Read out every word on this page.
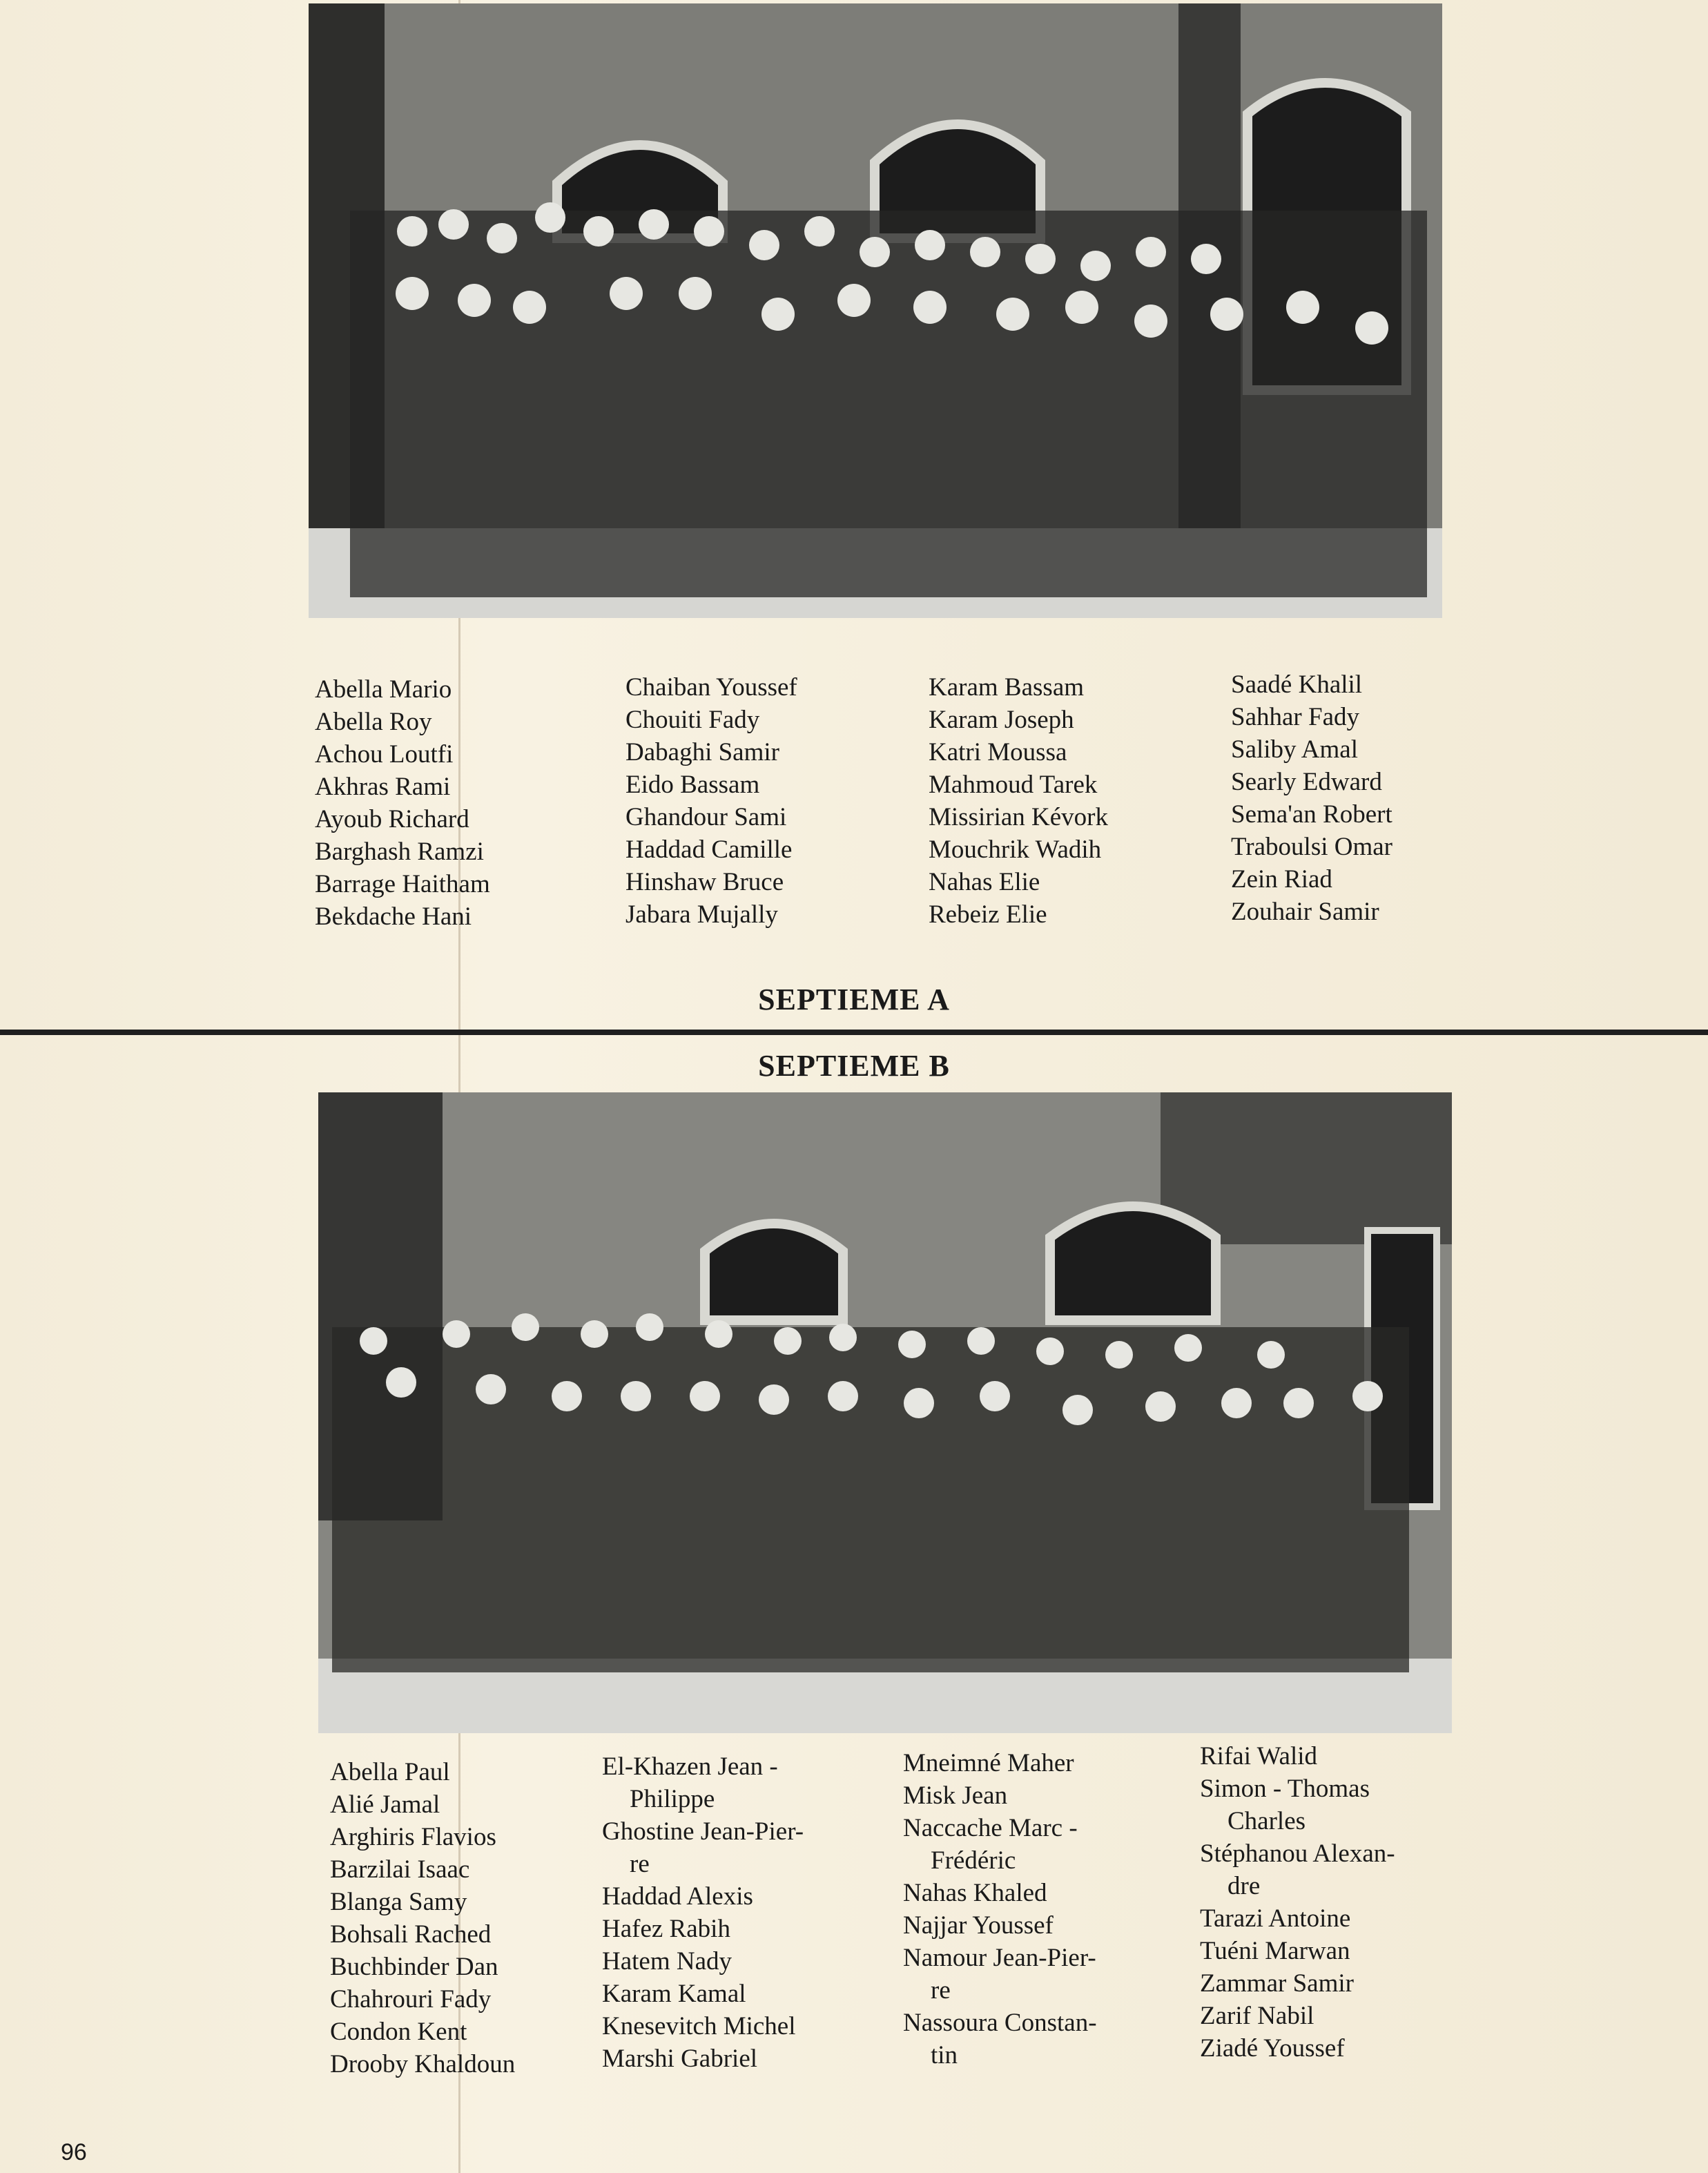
Abella Mario
Abella Roy
Achou Loutfi
Akhras Rami
Ayoub Richard
Barghash Ramzi
Barrage Haitham
Bekdache Hani
Chaiban Youssef
Chouiti Fady
Dabaghi Samir
Eido Bassam
Ghandour Sami
Haddad Camille
Hinshaw Bruce
Jabara Mujally
Karam Bassam
Karam Joseph
Katri Moussa
Mahmoud Tarek
Missirian Kévork
Mouchrik Wadih
Nahas Elie
Rebeiz Elie
Saadé Khalil
Sahhar Fady
Saliby Amal
Searly Edward
Sema'an Robert
Traboulsi Omar
Zein Riad
Zouhair Samir
SEPTIEME A
SEPTIEME B
Abella Paul
Alié Jamal
Arghiris Flavios
Barzilai Isaac
Blanga Samy
Bohsali Rached
Buchbinder Dan
Chahrouri Fady
Condon Kent
Drooby Khaldoun
El-Khazen Jean -
Philippe
Ghostine Jean-Pier-
re
Haddad Alexis
Hafez Rabih
Hatem Nady
Karam Kamal
Knesevitch Michel
Marshi Gabriel
Mneimné Maher
Misk Jean
Naccache Marc -
Frédéric
Nahas Khaled
Najjar Youssef
Namour Jean-Pier-
re
Nassoura Constan-
tin
Rifai Walid
Simon - Thomas
Charles
Stéphanou Alexan-
dre
Tarazi Antoine
Tuéni Marwan
Zammar Samir
Zarif Nabil
Ziadé Youssef
96
